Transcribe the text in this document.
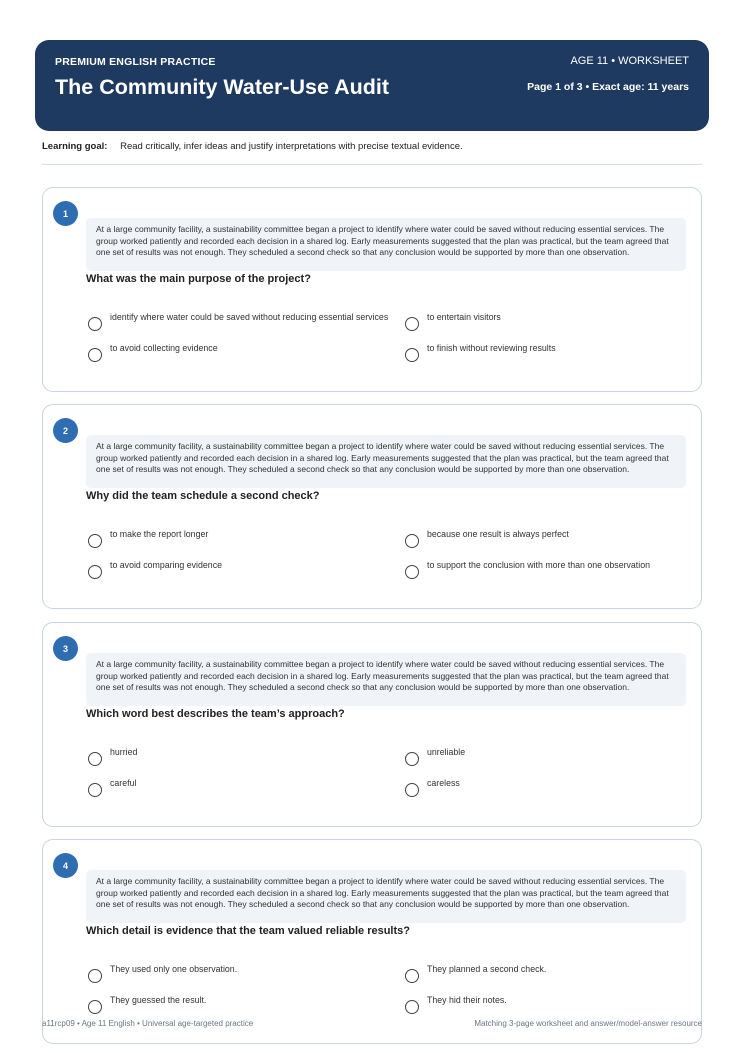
PREMIUM ENGLISH PRACTICE
The Community Water-Use Audit
AGE 11 • WORKSHEET
Page 1 of 3 • Exact age: 11 years
Learning goal: Read critically, infer ideas and justify interpretations with precise textual evidence.
1
At a large community facility, a sustainability committee began a project to identify where water could be saved without reducing essential services. The group worked patiently and recorded each decision in a shared log. Early measurements suggested that the plan was practical, but the team agreed that one set of results was not enough. They scheduled a second check so that any conclusion would be supported by more than one observation.
What was the main purpose of the project?
identify where water could be saved without reducing essential services	to entertain visitors
to avoid collecting evidence	to finish without reviewing results
2
At a large community facility, a sustainability committee began a project to identify where water could be saved without reducing essential services. The group worked patiently and recorded each decision in a shared log. Early measurements suggested that the plan was practical, but the team agreed that one set of results was not enough. They scheduled a second check so that any conclusion would be supported by more than one observation.
Why did the team schedule a second check?
to make the report longer	because one result is always perfect
to avoid comparing evidence	to support the conclusion with more than one observation
3
At a large community facility, a sustainability committee began a project to identify where water could be saved without reducing essential services. The group worked patiently and recorded each decision in a shared log. Early measurements suggested that the plan was practical, but the team agreed that one set of results was not enough. They scheduled a second check so that any conclusion would be supported by more than one observation.
Which word best describes the team’s approach?
hurried	unreliable
careful	careless
4
At a large community facility, a sustainability committee began a project to identify where water could be saved without reducing essential services. The group worked patiently and recorded each decision in a shared log. Early measurements suggested that the plan was practical, but the team agreed that one set of results was not enough. They scheduled a second check so that any conclusion would be supported by more than one observation.
Which detail is evidence that the team valued reliable results?
They used only one observation.	They planned a second check.
They guessed the result.	They hid their notes.
a11rcp09 • Age 11 English • Universal age-targeted practice	Matching 3-page worksheet and answer/model-answer resource
